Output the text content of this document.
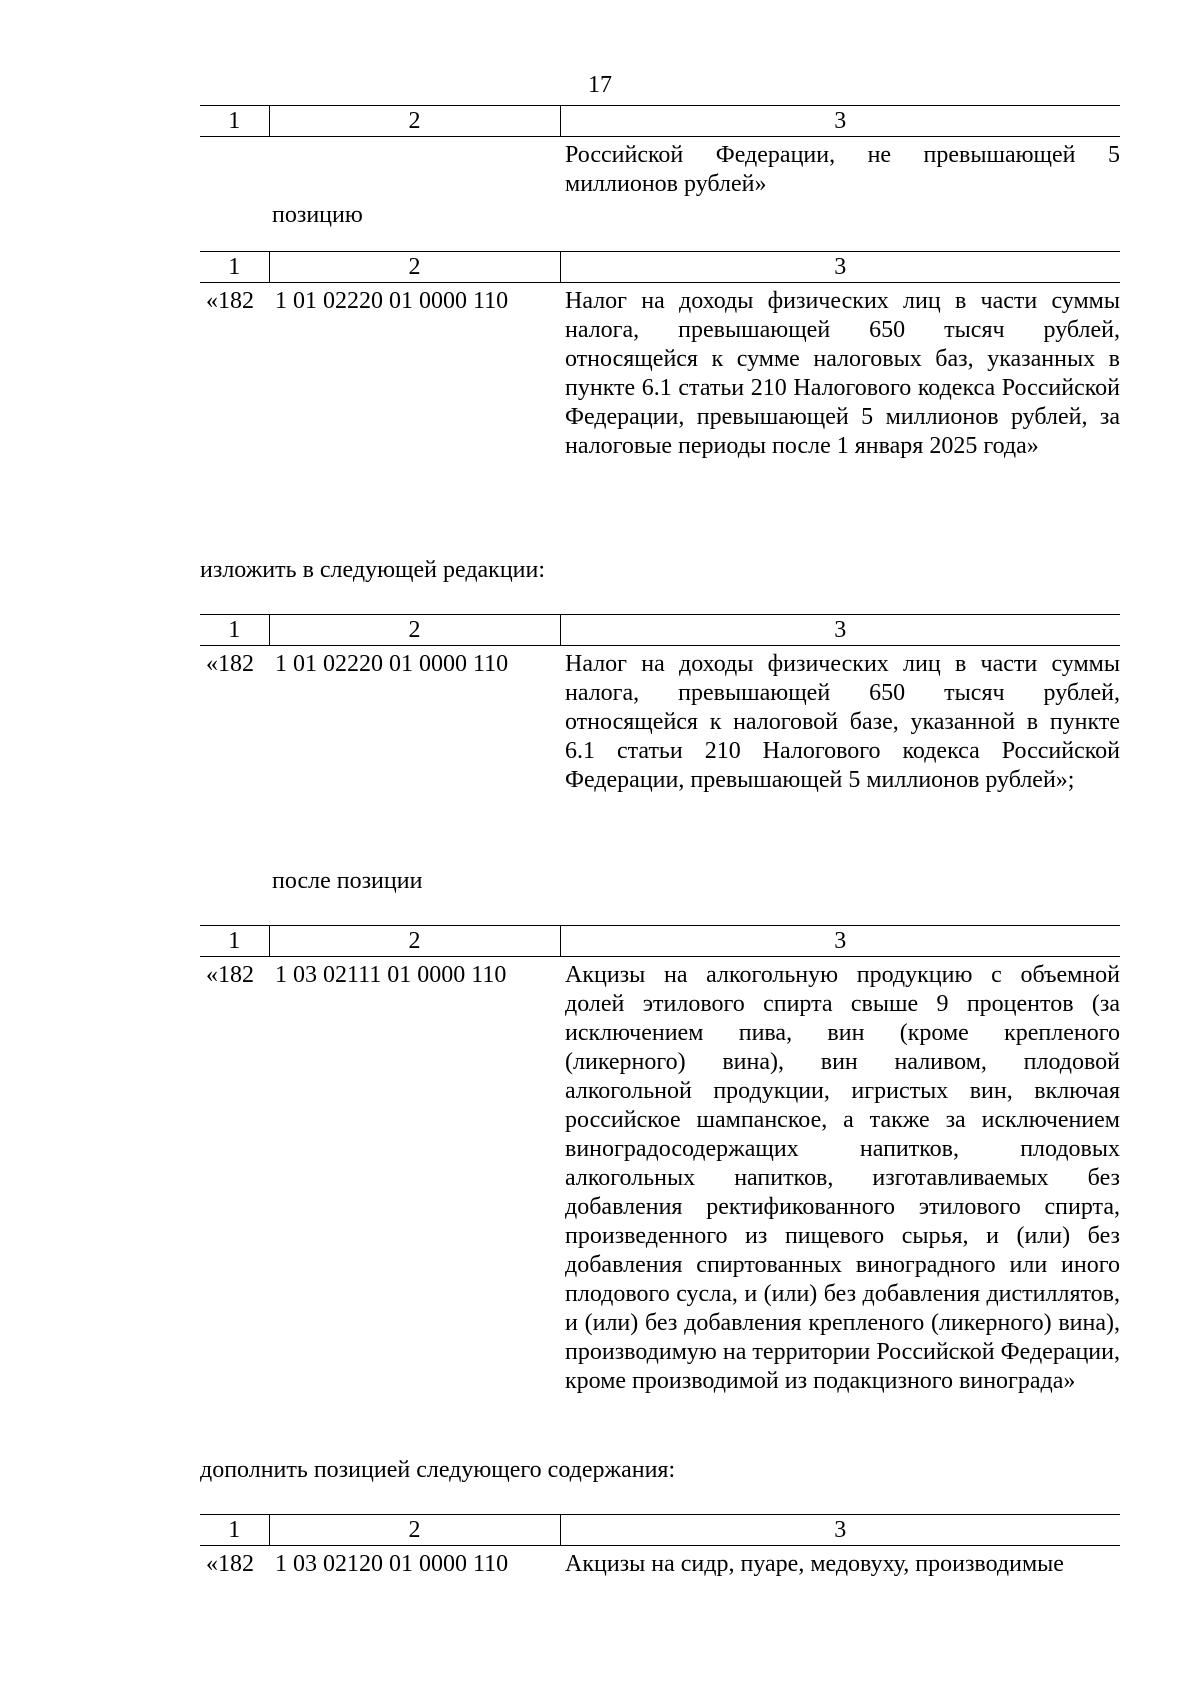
17
1	2	3
		Российской Федерации, не превышающей 5 миллионов рублей»
позицию
1	2	3
«182	1 01 02220 01 0000 110	Налог на доходы физических лиц в части суммы налога, превышающей 650 тысяч рублей, относящейся к сумме налоговых баз, указанных в пункте 6.1 статьи 210 Налогового кодекса Российской Федерации, превышающей 5 миллионов рублей, за налоговые периоды после 1 января 2025 года»
изложить в следующей редакции:
1	2	3
«182	1 01 02220 01 0000 110	Налог на доходы физических лиц в части суммы налога, превышающей 650 тысяч рублей, относящейся к налоговой базе, указанной в пункте 6.1 статьи 210 Налогового кодекса Российской Федерации, превышающей 5 миллионов рублей»;
после позиции
1	2	3
«182	1 03 02111 01 0000 110	Акцизы на алкогольную продукцию с объемной долей этилового спирта свыше 9 процентов (за исключением пива, вин (кроме крепленого (ликерного) вина), вин наливом, плодовой алкогольной продукции, игристых вин, включая российское шампанское, а также за исключением виноградосодержащих напитков, плодовых алкогольных напитков, изготавливаемых без добавления ректификованного этилового спирта, произведенного из пищевого сырья, и (или) без добавления спиртованных виноградного или иного плодового сусла, и (или) без добавления дистиллятов, и (или) без добавления крепленого (ликерного) вина), производимую на территории Российской Федерации, кроме производимой из подакцизного винограда»
дополнить позицией следующего содержания:
1	2	3
«182	1 03 02120 01 0000 110	Акцизы на сидр, пуаре, медовуху, производимые
